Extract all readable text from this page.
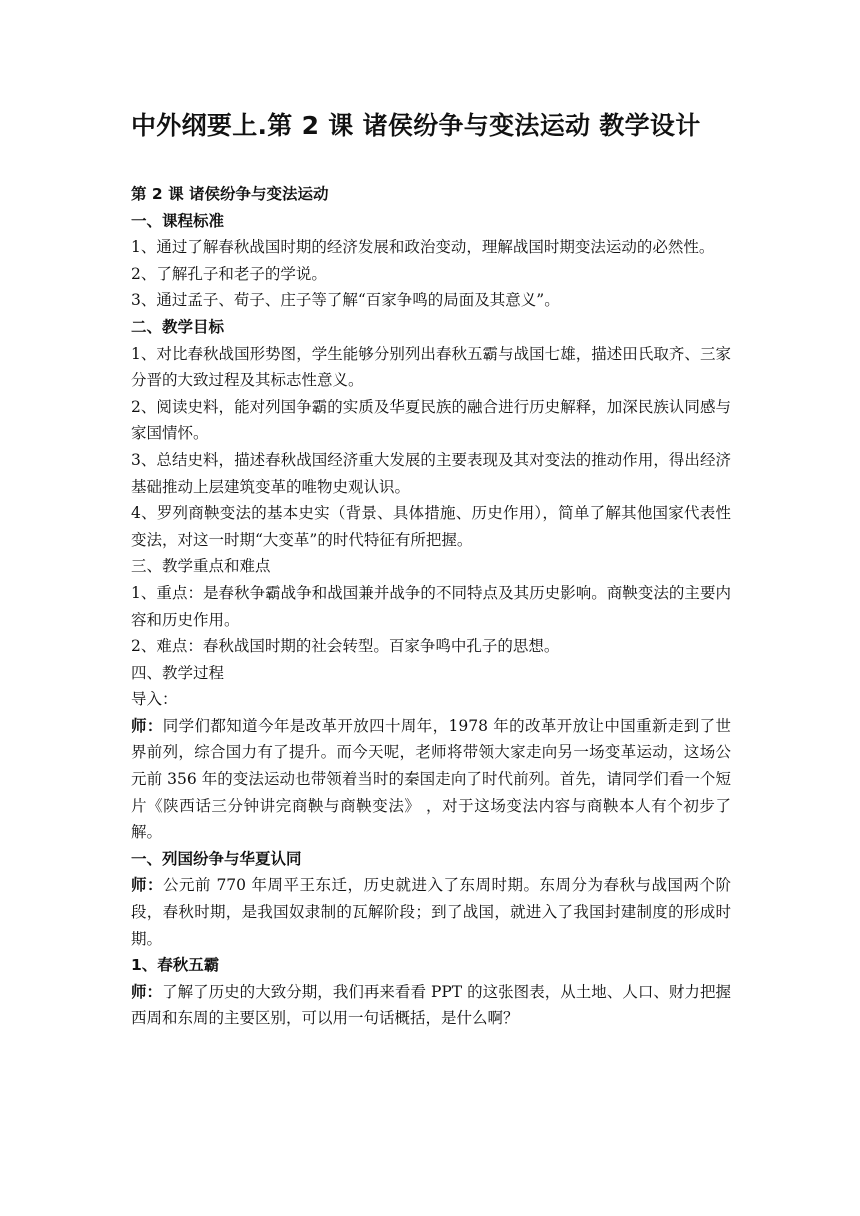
中外纲要上.第 2 课 诸侯纷争与变法运动 教学设计
第 2 课 诸侯纷争与变法运动
一、课程标准
1、通过了解春秋战国时期的经济发展和政治变动，理解战国时期变法运动的必然性。
2、了解孔子和老子的学说。
3、通过孟子、荀子、庄子等了解“百家争鸣的局面及其意义”。
二、教学目标
1、对比春秋战国形势图，学生能够分别列出春秋五霸与战国七雄，描述田氏取齐、三家分晋的大致过程及其标志性意义。
2、阅读史料，能对列国争霸的实质及华夏民族的融合进行历史解释，加深民族认同感与家国情怀。
3、总结史料，描述春秋战国经济重大发展的主要表现及其对变法的推动作用，得出经济基础推动上层建筑变革的唯物史观认识。
4、罗列商鞅变法的基本史实（背景、具体措施、历史作用），简单了解其他国家代表性变法，对这一时期“大变革”的时代特征有所把握。
三、教学重点和难点
1、重点：是春秋争霸战争和战国兼并战争的不同特点及其历史影响。商鞅变法的主要内容和历史作用。
2、难点：春秋战国时期的社会转型。百家争鸣中孔子的思想。
四、教学过程
导入：
师：同学们都知道今年是改革开放四十周年，1978 年的改革开放让中国重新走到了世界前列，综合国力有了提升。而今天呢，老师将带领大家走向另一场变革运动，这场公元前 356 年的变法运动也带领着当时的秦国走向了时代前列。首先，请同学们看一个短片《陕西话三分钟讲完商鞅与商鞅变法》 ，对于这场变法内容与商鞅本人有个初步了解。
一、列国纷争与华夏认同
师：公元前 770 年周平王东迁，历史就进入了东周时期。东周分为春秋与战国两个阶段，春秋时期，是我国奴隶制的瓦解阶段；到了战国，就进入了我国封建制度的形成时期。
1、春秋五霸
师：了解了历史的大致分期，我们再来看看 PPT 的这张图表，从土地、人口、财力把握西周和东周的主要区别，可以用一句话概括，是什么啊？
